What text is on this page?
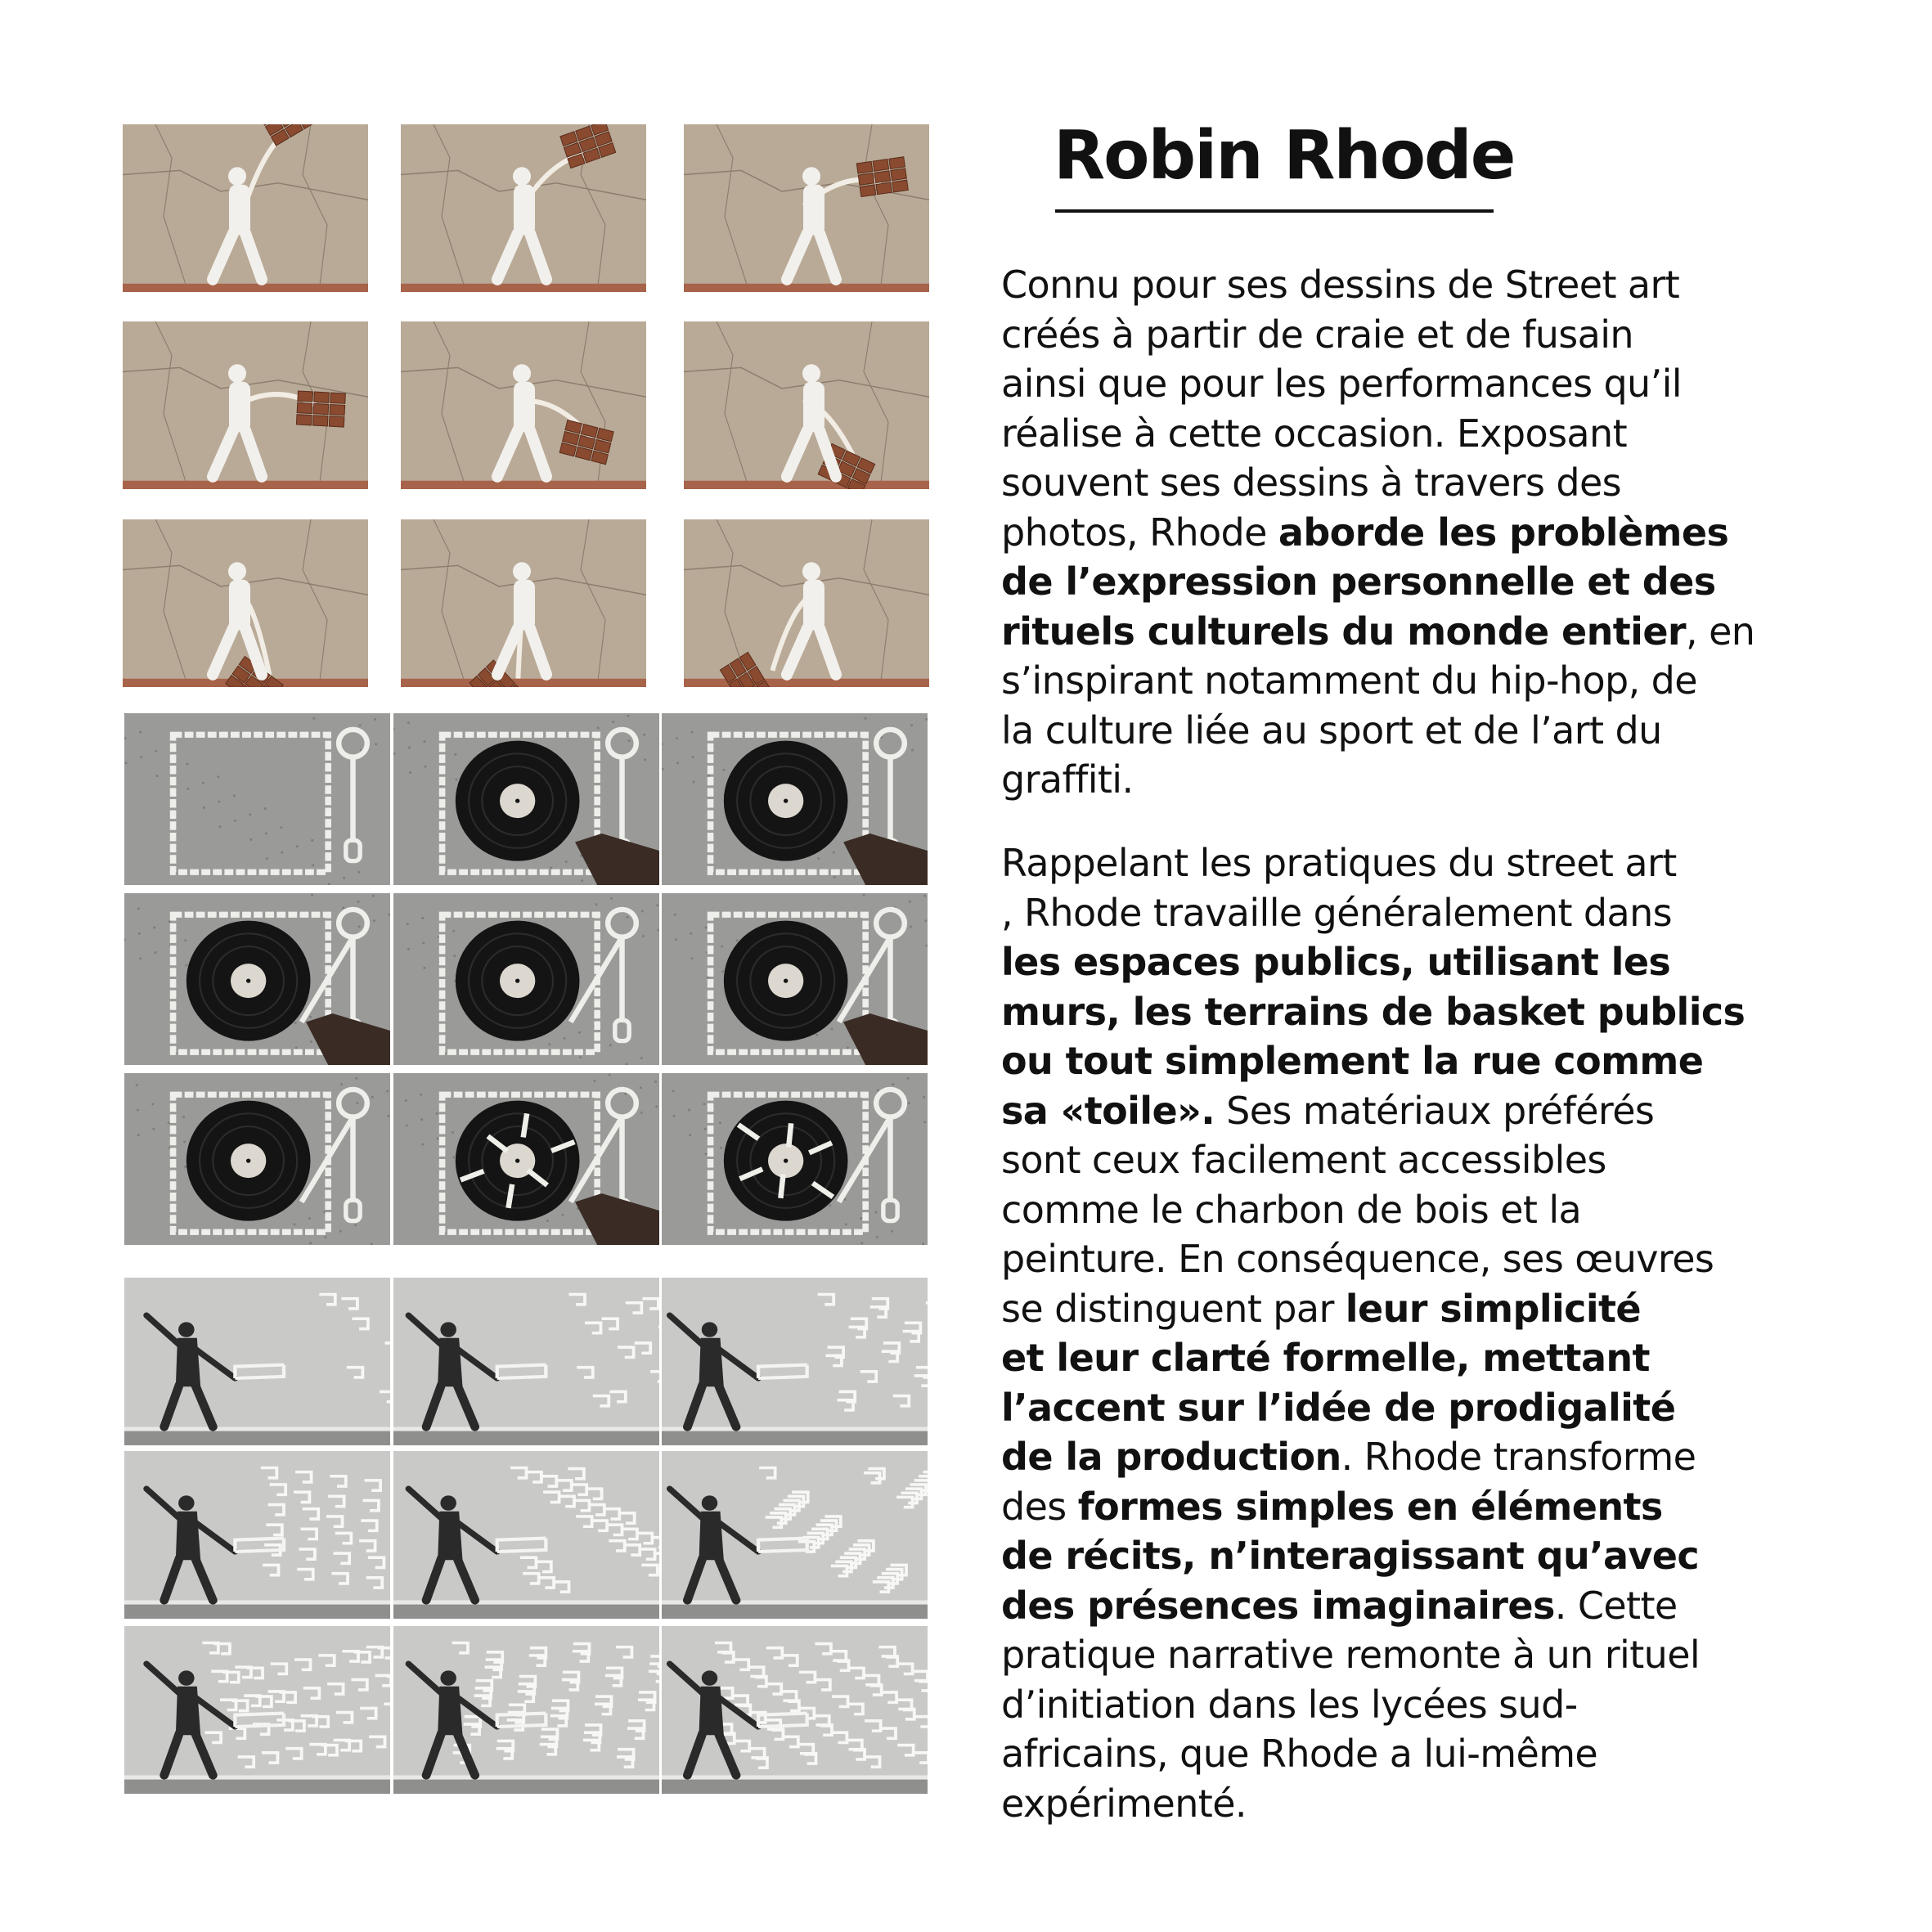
Robin Rhode
Connu pour ses dessins de Street art
créés à partir de craie et de fusain
ainsi que pour les performances qu’il
réalise à cette occasion. Exposant
souvent ses dessins à travers des
photos, Rhode aborde les problèmes
de l’expression personnelle et des
rituels culturels du monde entier, en
s’inspirant notamment du hip-hop, de
la culture liée au sport et de l’art du
graffiti.
Rappelant les pratiques du street art
, Rhode travaille généralement dans
les espaces publics, utilisant les
murs, les terrains de basket publics
ou tout simplement la rue comme
sa «toile». Ses matériaux préférés
sont ceux facilement accessibles
comme le charbon de bois et la
peinture. En conséquence, ses œuvres
se distinguent par leur simplicité
et leur clarté formelle, mettant
l’accent sur l’idée de prodigalité
de la production. Rhode transforme
des formes simples en éléments
de récits, n’interagissant qu’avec
des présences imaginaires. Cette
pratique narrative remonte à un rituel
d’initiation dans les lycées sud-
africains, que Rhode a lui-même
expérimenté.
